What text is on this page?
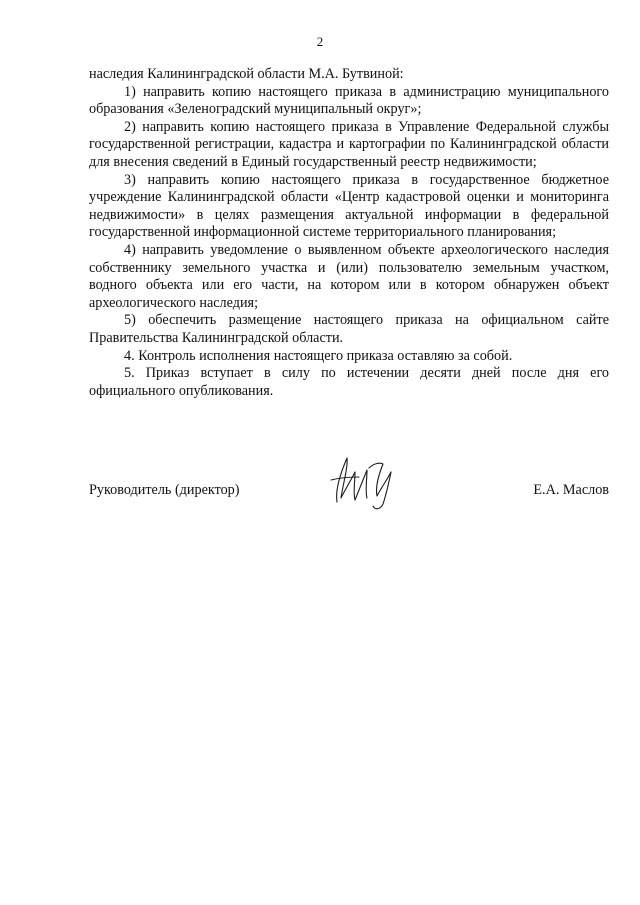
2

наследия Калининградской области М.А. Бутвиной:

1) направить копию настоящего приказа в администрацию муниципального образования «Зеленоградский муниципальный округ»;

2) направить копию настоящего приказа в Управление Федеральной службы государственной регистрации, кадастра и картографии по Калининградской области для внесения сведений в Единый государственный реестр недвижимости;

3) направить копию настоящего приказа в государственное бюджетное учреждение Калининградской области «Центр кадастровой оценки и мониторинга недвижимости» в целях размещения актуальной информации в федеральной государственной информационной системе территориального планирования;

4) направить уведомление о выявленном объекте археологического наследия собственнику земельного участка и (или) пользователю земельным участком, водного объекта или его части, на котором или в котором обнаружен объект археологического наследия;

5) обеспечить размещение настоящего приказа на официальном сайте Правительства Калининградской области.

4. Контроль исполнения настоящего приказа оставляю за собой.

5. Приказ вступает в силу по истечении десяти дней после дня его официального опубликования.

Руководитель (директор)	Е.А. Маслов
